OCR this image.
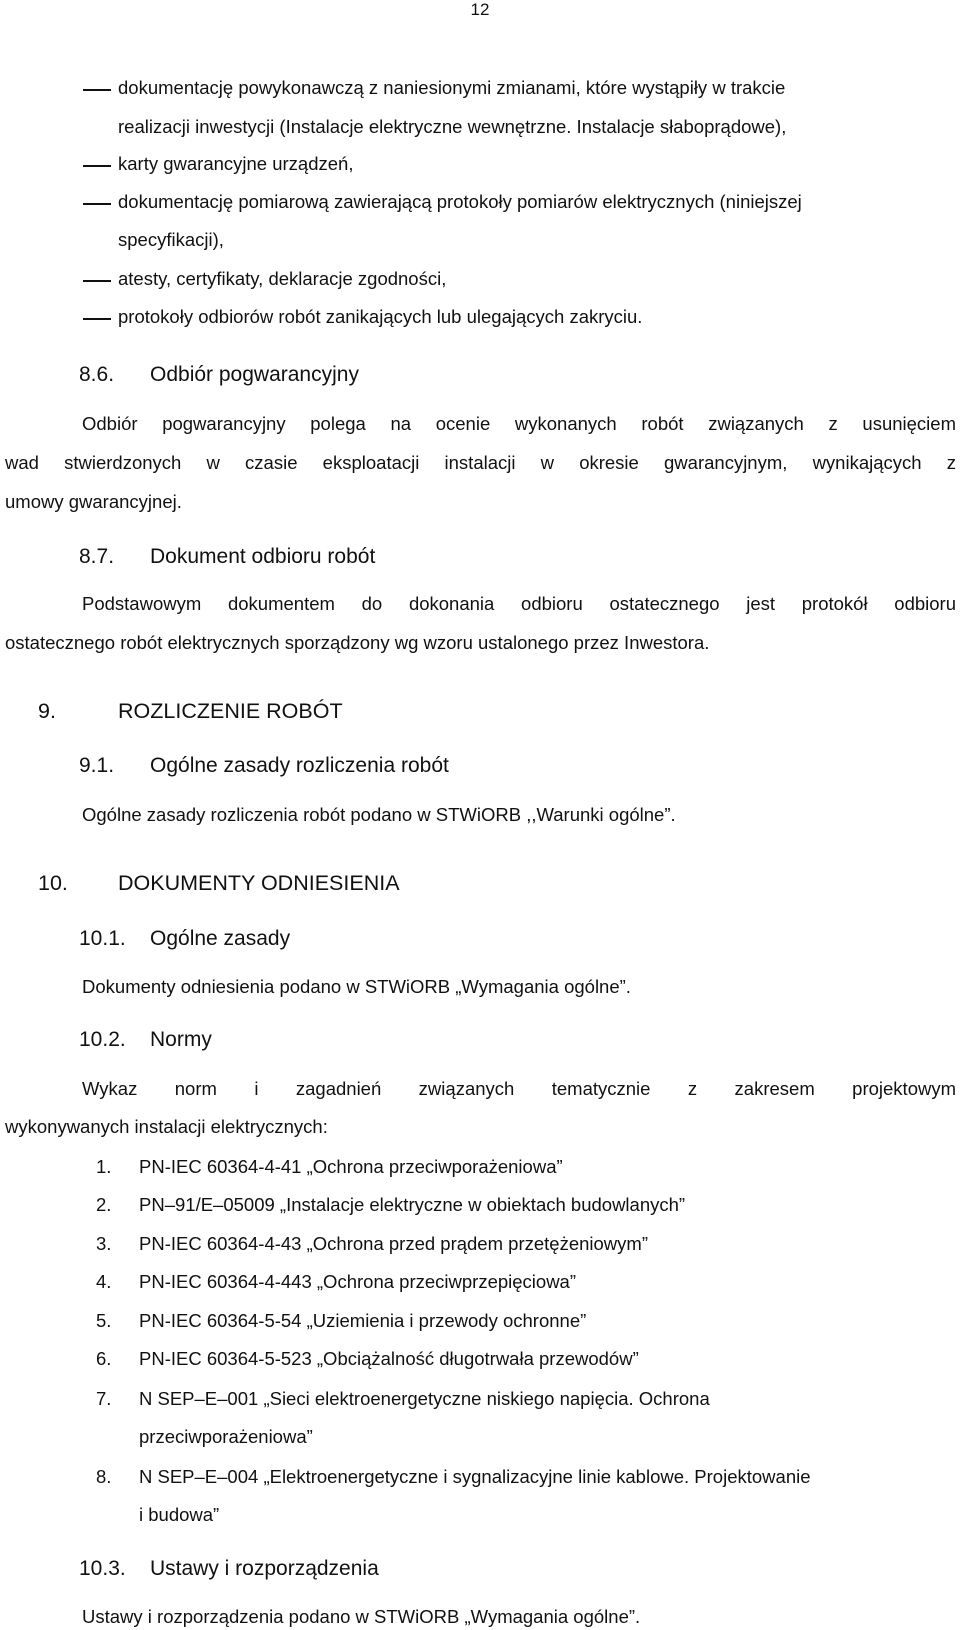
12
dokumentację powykonawczą z naniesionymi zmianami, które wystąpiły w trakcie
realizacji inwestycji (Instalacje elektryczne wewnętrzne. Instalacje słaboprądowe),
karty gwarancyjne urządzeń,
dokumentację pomiarową zawierającą protokoły pomiarów elektrycznych (niniejszej
specyfikacji),
atesty, certyfikaty, deklaracje zgodności,
protokoły odbiorów robót zanikających lub ulegających zakryciu.
8.6. Odbiór pogwarancyjny
Odbiór pogwarancyjny polega na ocenie wykonanych robót związanych z usunięciem
wad stwierdzonych w czasie eksploatacji instalacji w okresie gwarancyjnym, wynikających z
umowy gwarancyjnej.
8.7. Dokument odbioru robót
Podstawowym dokumentem do dokonania odbioru ostatecznego jest protokół odbioru
ostatecznego robót elektrycznych sporządzony wg wzoru ustalonego przez Inwestora.
9.	ROZLICZENIE ROBÓT
9.1. Ogólne zasady rozliczenia robót
Ogólne zasady rozliczenia robót podano w STWiORB ,,Warunki ogólne”.
10. DOKUMENTY ODNIESIENIA
10.1. Ogólne zasady
Dokumenty odniesienia podano w STWiORB „Wymagania ogólne”.
10.2. Normy
Wykaz norm i zagadnień związanych tematycznie z zakresem projektowym
wykonywanych instalacji elektrycznych:
1. PN-IEC 60364-4-41 „Ochrona przeciwporażeniowa”
2. PN–91/E–05009 „Instalacje elektryczne w obiektach budowlanych”
3. PN-IEC 60364-4-43 „Ochrona przed prądem przetężeniowym”
4. PN-IEC 60364-4-443 „Ochrona przeciwprzepięciowa”
5. PN-IEC 60364-5-54 „Uziemienia i przewody ochronne”
6. PN-IEC 60364-5-523 „Obciążalność długotrwała przewodów”
7. N SEP–E–001 „Sieci elektroenergetyczne niskiego napięcia. Ochrona
przeciwporażeniowa”
8. N SEP–E–004 „Elektroenergetyczne i sygnalizacyjne linie kablowe. Projektowanie
i budowa”
10.3. Ustawy i rozporządzenia
Ustawy i rozporządzenia podano w STWiORB „Wymagania ogólne”.
